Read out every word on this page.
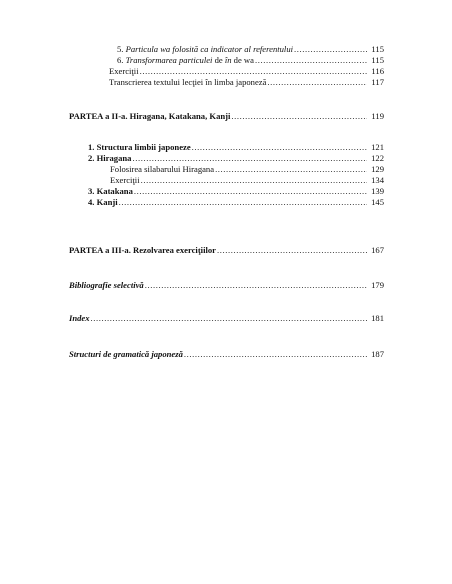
5. Particula wa folosită ca indicator al referentului .....	115
6. Transformarea particulei de în de wa .....	115
Exerciţii .....	116
Transcrierea textului lecţiei în limba japoneză .....	117
PARTEA a II-a. Hiragana, Katakana, Kanji .....	119
1. Structura limbii japoneze .....	121
2. Hiragana .....	122
Folosirea silabarului Hiragana .....	129
Exerciţii .....	134
3. Katakana .....	139
4. Kanji .....	145
PARTEA a III-a. Rezolvarea exerciţiilor .....	167
Bibliografie selectivă .....	179
Index .....	181
Structuri de gramatică japoneză .....	187
